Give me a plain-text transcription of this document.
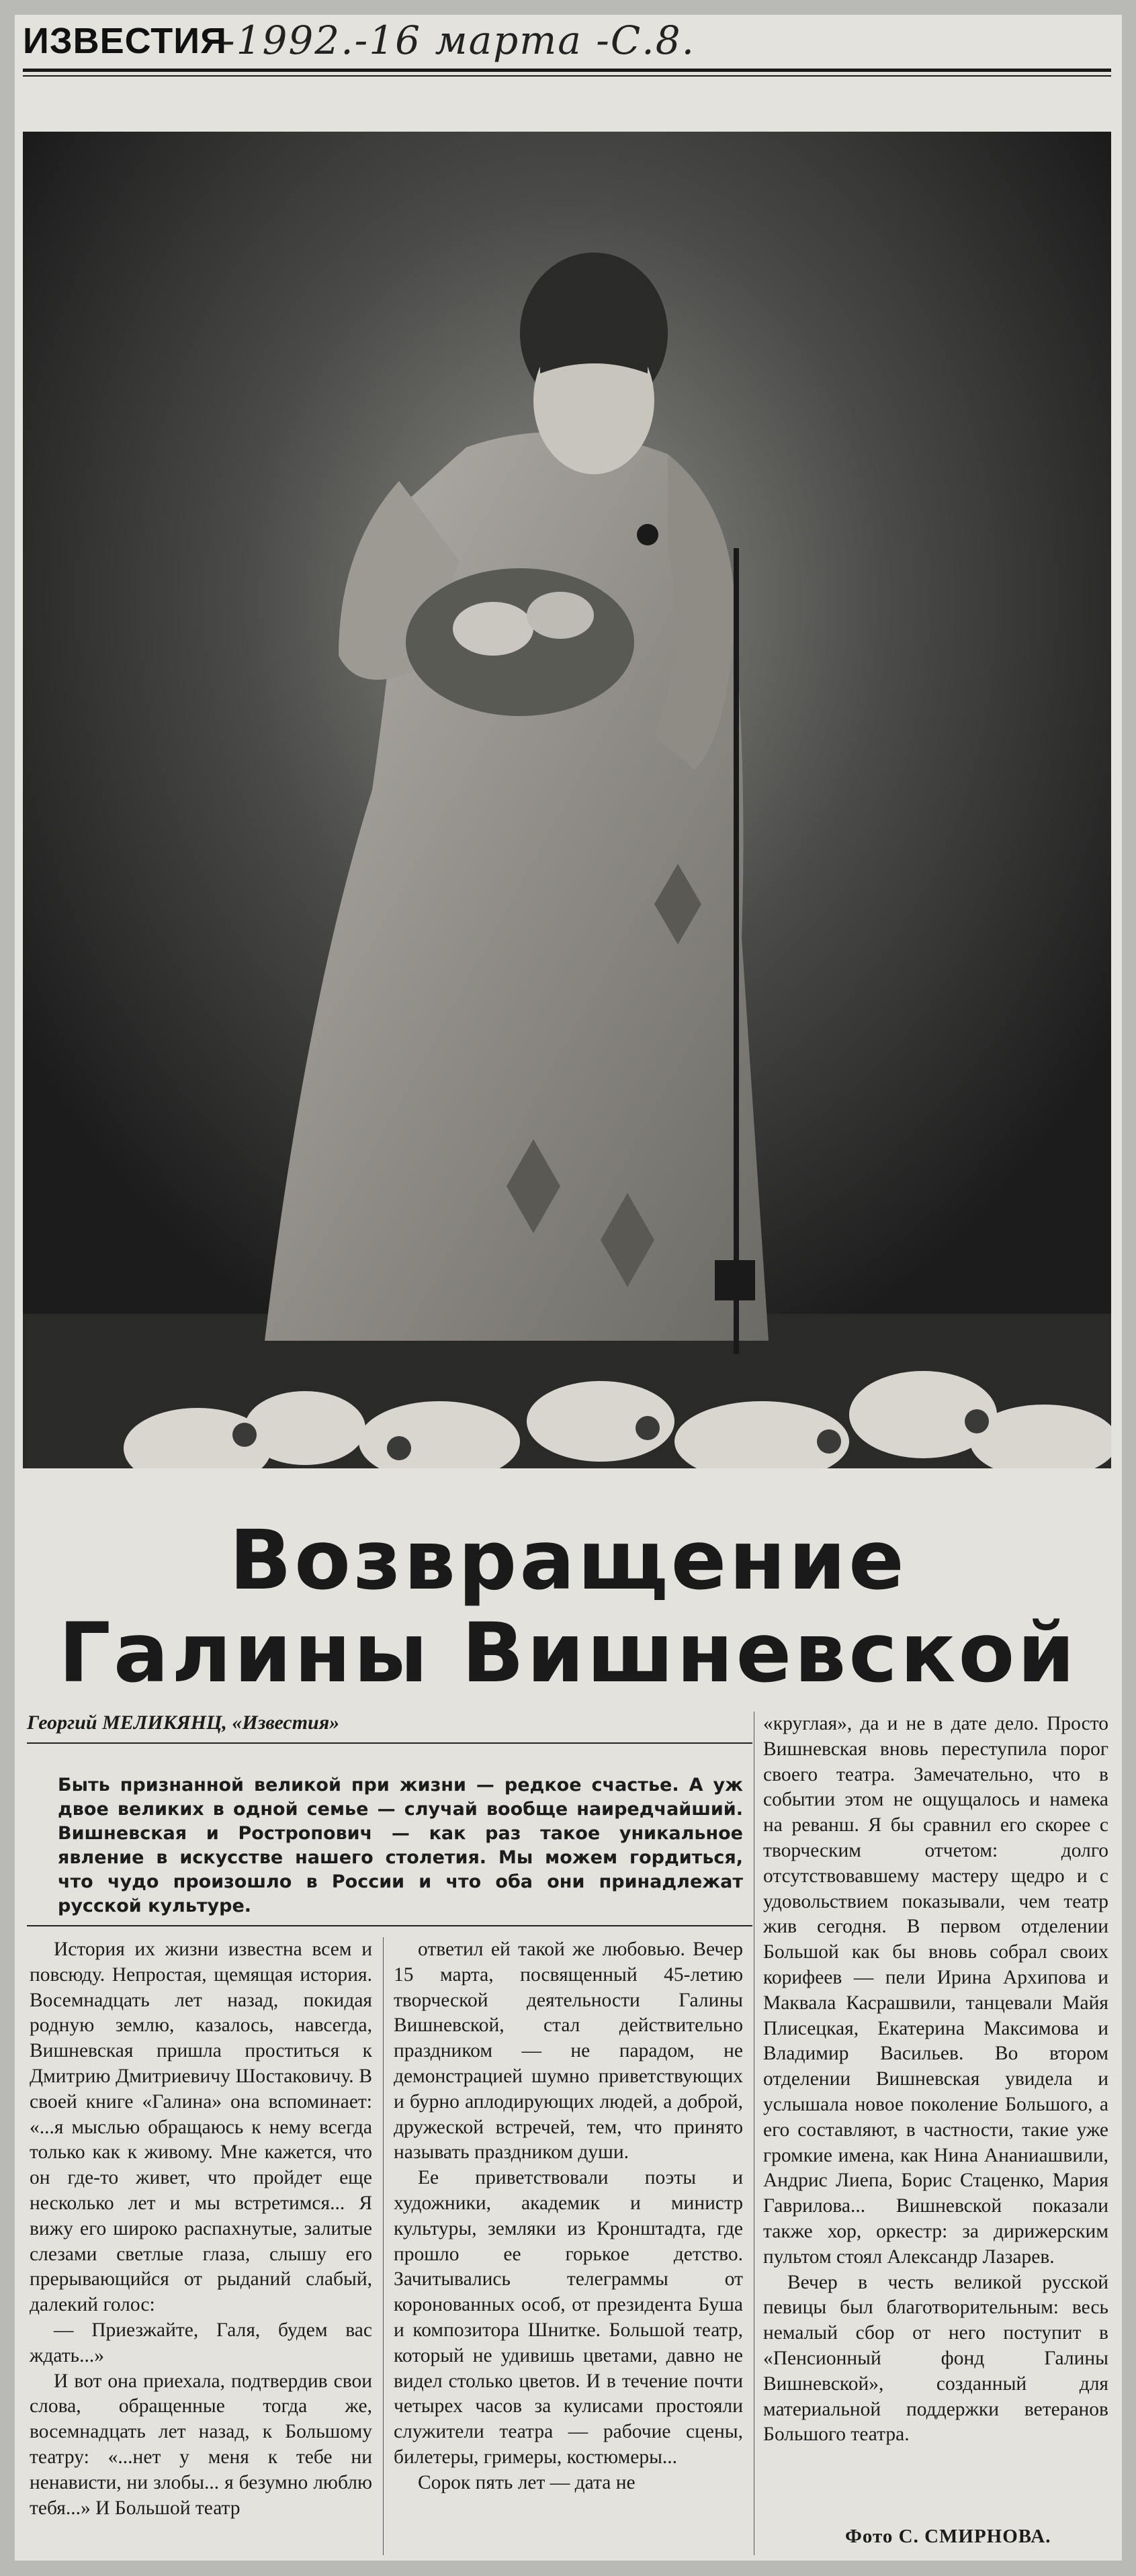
ИЗВЕСТИЯ
-1992.-16 марта -С.8.
Возвращение
Галины Вишневской
Георгий МЕЛИКЯНЦ, «Известия»
Быть признанной великой при жизни — редкое счастье. А уж двое великих в одной семье — случай вообще наиредчайший. Вишневская и Ростропович — как раз такое уникальное явление в искусстве нашего столетия. Мы можем гордиться, что чудо произошло в России и что оба они принадлежат русской культуре.

История их жизни известна всем и повсюду. Непростая, щемящая история. Восемнадцать лет назад, покидая родную землю, казалось, навсегда, Вишневская пришла проститься к Дмитрию Дмитриевичу Шостаковичу. В своей книге «Галина» она вспоминает: «...я мыслью обращаюсь к нему всегда только как к живому. Мне кажется, что он где-то живет, что пройдет еще несколько лет и мы встретимся... Я вижу его широко распахнутые, залитые слезами светлые глаза, слышу его прерывающийся от рыданий слабый, далекий голос:

— Приезжайте, Галя, будем вас ждать...»

И вот она приехала, подтвердив свои слова, обращенные тогда же, восемнадцать лет назад, к Большому театру: «...нет у меня к тебе ни ненависти, ни злобы... я безумно люблю тебя...» И Большой театр

ответил ей такой же любовью. Вечер 15 марта, посвященный 45-летию творческой деятельности Галины Вишневской, стал действительно праздником — не парадом, не демонстрацией шумно приветствующих и бурно аплодирующих людей, а доброй, дружеской встречей, тем, что принято называть праздником души.

Ее приветствовали поэты и художники, академик и министр культуры, земляки из Кронштадта, где прошло ее горькое детство. Зачитывались телеграммы от коронованных особ, от президента Буша и композитора Шнитке. Большой театр, который не удивишь цветами, давно не видел столько цветов. И в течение почти четырех часов за кулисами простояли служители театра — рабочие сцены, билетеры, гримеры, костюмеры...

Сорок пять лет — дата не

«круглая», да и не в дате дело. Просто Вишневская вновь переступила порог своего театра. Замечательно, что в событии этом не ощущалось и намека на реванш. Я бы сравнил его скорее с творческим отчетом: долго отсутствовавшему мастеру щедро и с удовольствием показывали, чем театр жив сегодня. В первом отделении Большой как бы вновь собрал своих корифеев — пели Ирина Архипова и Маквала Касрашвили, танцевали Майя Плисецкая, Екатерина Максимова и Владимир Васильев. Во втором отделении Вишневская увидела и услышала новое поколение Большого, а его составляют, в частности, такие уже громкие имена, как Нина Ананиашвили, Андрис Лиепа, Борис Стаценко, Мария Гаврилова... Вишневской показали также хор, оркестр: за дирижерским пультом стоял Александр Лазарев.

Вечер в честь великой русской певицы был благотворительным: весь немалый сбор от него поступит в «Пенсионный фонд Галины Вишневской», созданный для материальной поддержки ветеранов Большого театра.

Фото С. СМИРНОВА.
